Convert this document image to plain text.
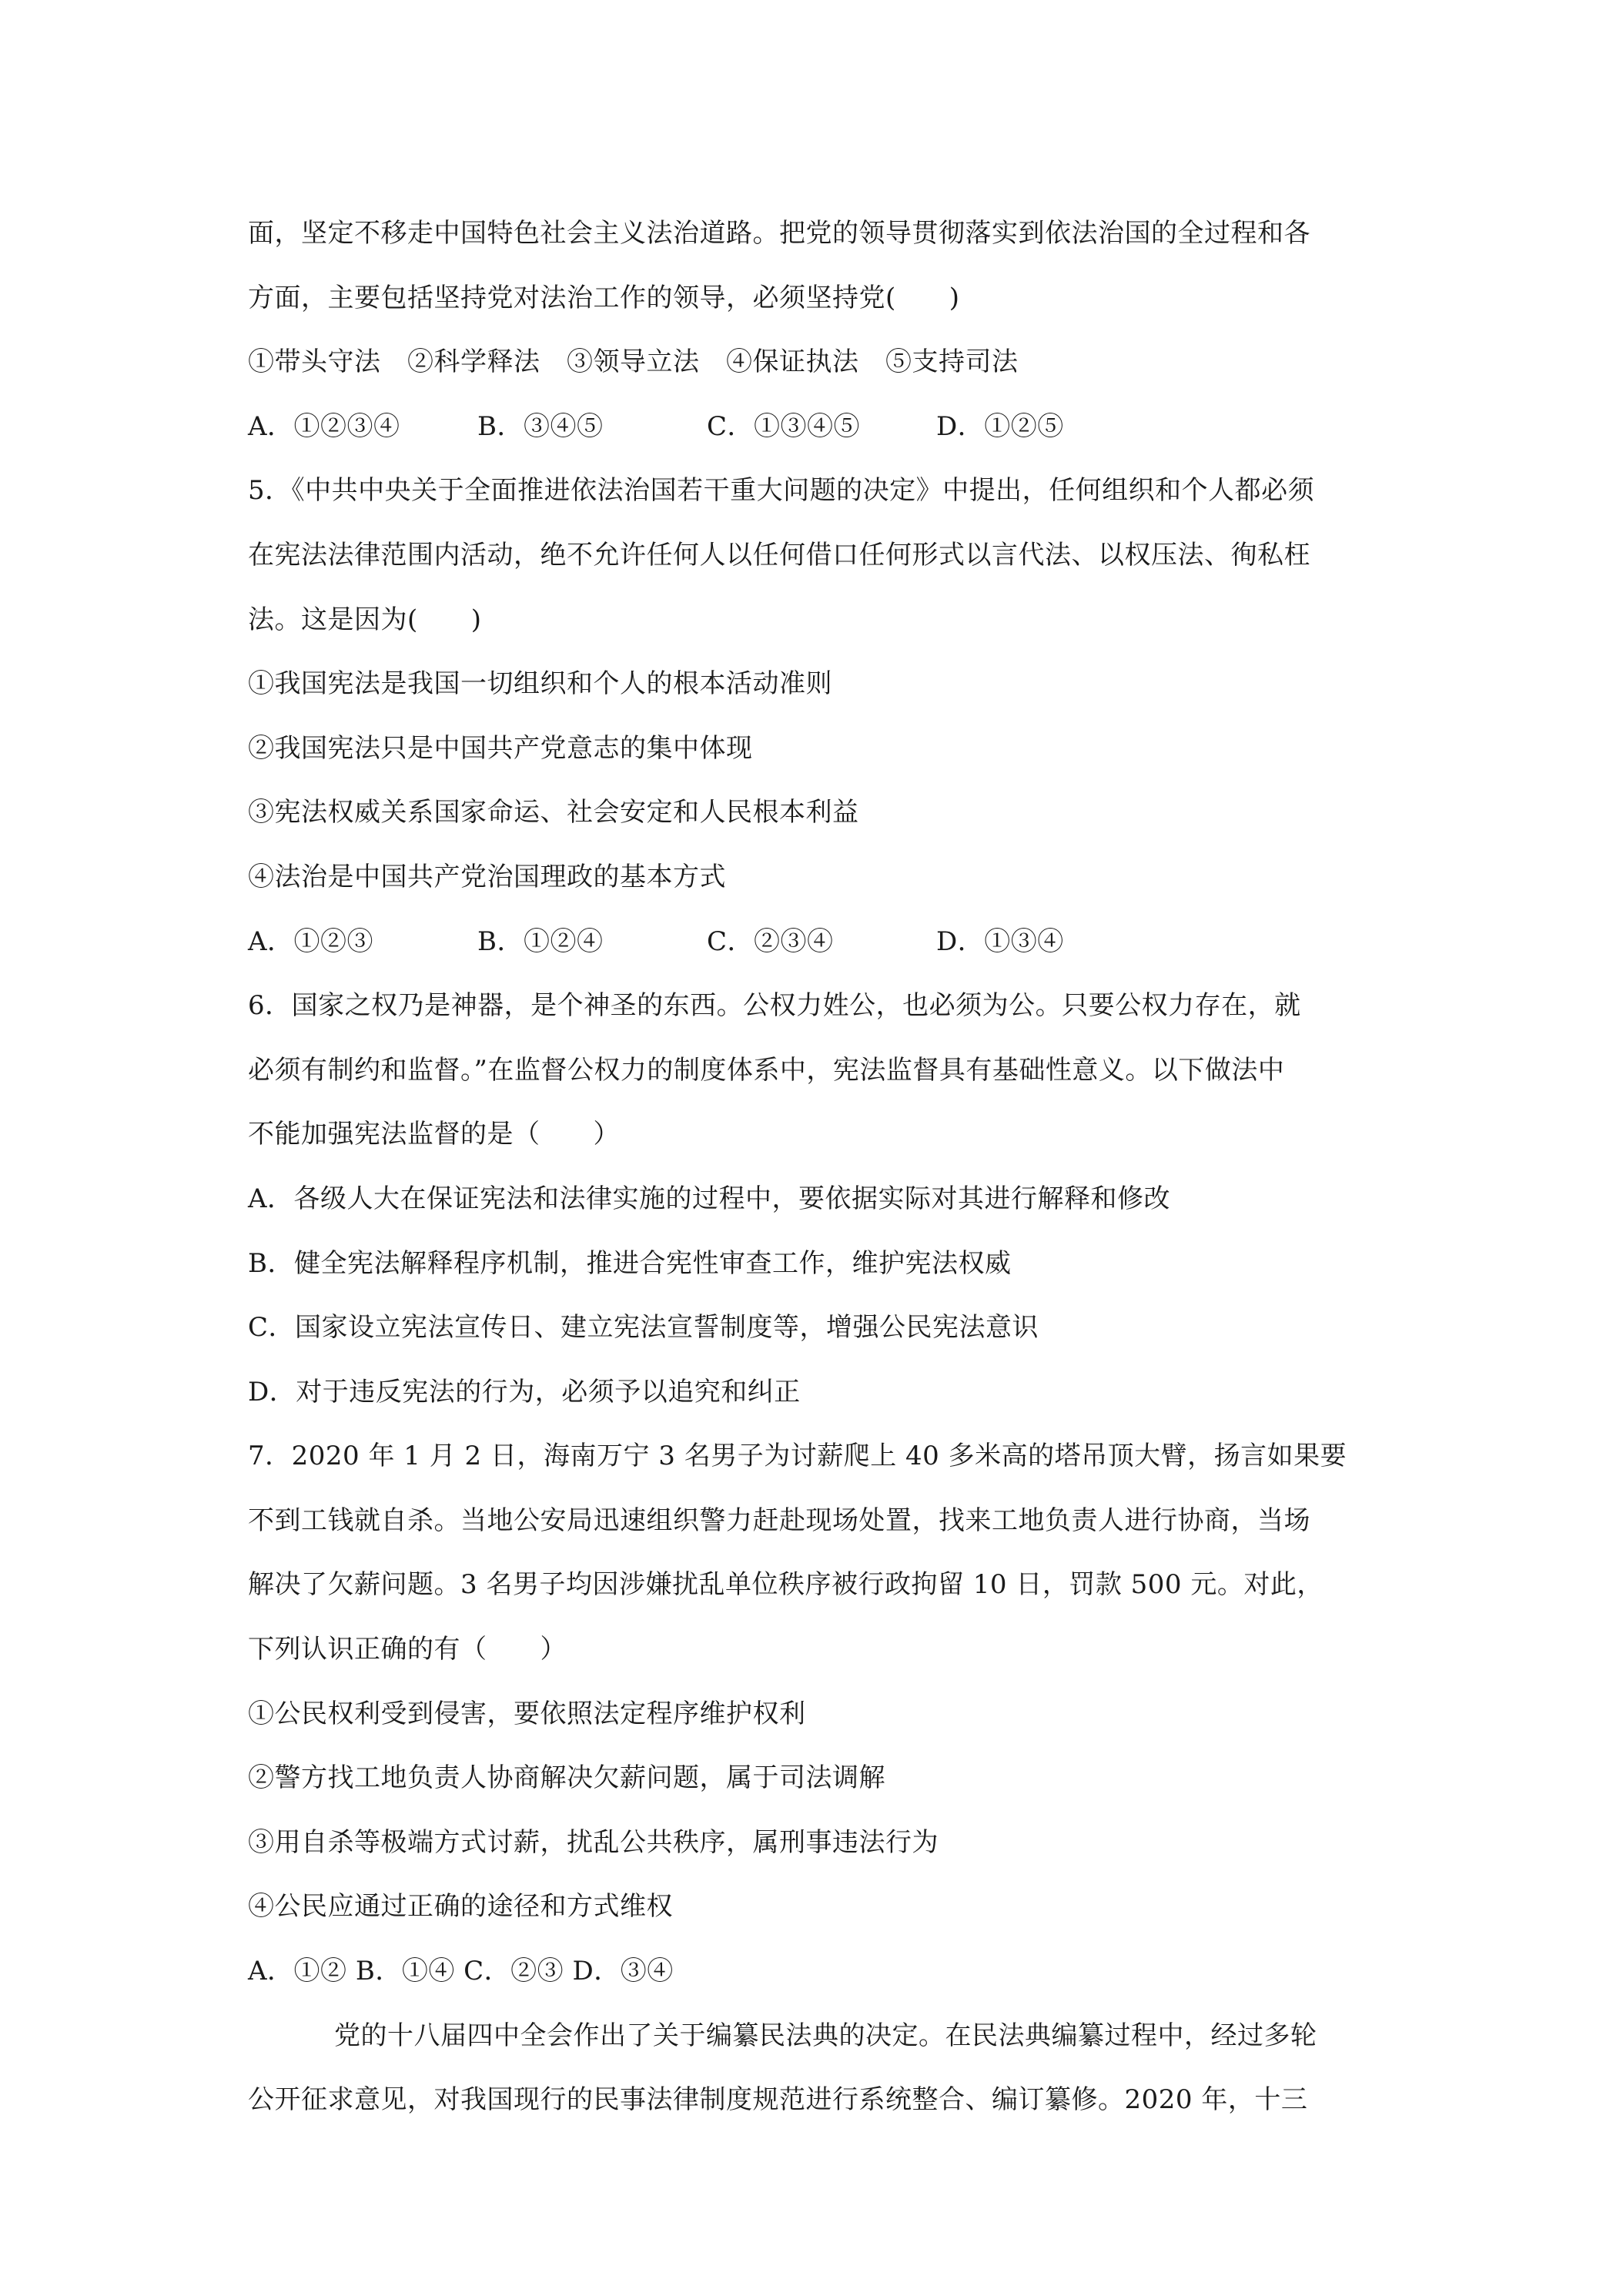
面，坚定不移走中国特色社会主义法治道路。把党的领导贯彻落实到依法治国的全过程和各
方面，主要包括坚持党对法治工作的领导，必须坚持党(　　)
①带头守法　②科学释法　③领导立法　④保证执法　⑤支持司法
A．①②③④	B．③④⑤	C．①③④⑤	D．①②⑤
5．《中共中央关于全面推进依法治国若干重大问题的决定》中提出，任何组织和个人都必须
在宪法法律范围内活动，绝不允许任何人以任何借口任何形式以言代法、以权压法、徇私枉
法。这是因为(　　)
①我国宪法是我国一切组织和个人的根本活动准则
②我国宪法只是中国共产党意志的集中体现
③宪法权威关系国家命运、社会安定和人民根本利益
④法治是中国共产党治国理政的基本方式
A．①②③	B．①②④	C．②③④	D．①③④
6．国家之权乃是神器，是个神圣的东西。公权力姓公，也必须为公。只要公权力存在，就
必须有制约和监督。”在监督公权力的制度体系中，宪法监督具有基础性意义。以下做法中
不能加强宪法监督的是（　　）
A．各级人大在保证宪法和法律实施的过程中，要依据实际对其进行解释和修改
B．健全宪法解释程序机制，推进合宪性审查工作，维护宪法权威
C．国家设立宪法宣传日、建立宪法宣誓制度等，增强公民宪法意识
D．对于违反宪法的行为，必须予以追究和纠正
7．2020 年 1 月 2 日，海南万宁 3 名男子为讨薪爬上 40 多米高的塔吊顶大臂，扬言如果要
不到工钱就自杀。当地公安局迅速组织警力赶赴现场处置，找来工地负责人进行协商，当场
解决了欠薪问题。3 名男子均因涉嫌扰乱单位秩序被行政拘留 10 日，罚款 500 元。对此，
下列认识正确的有（　　）
①公民权利受到侵害，要依照法定程序维护权利
②警方找工地负责人协商解决欠薪问题，属于司法调解
③用自杀等极端方式讨薪，扰乱公共秩序，属刑事违法行为
④公民应通过正确的途径和方式维权
A．①② B．①④ C．②③ D．③④
党的十八届四中全会作出了关于编纂民法典的决定。在民法典编纂过程中，经过多轮
公开征求意见，对我国现行的民事法律制度规范进行系统整合、编订纂修。2020 年，十三
